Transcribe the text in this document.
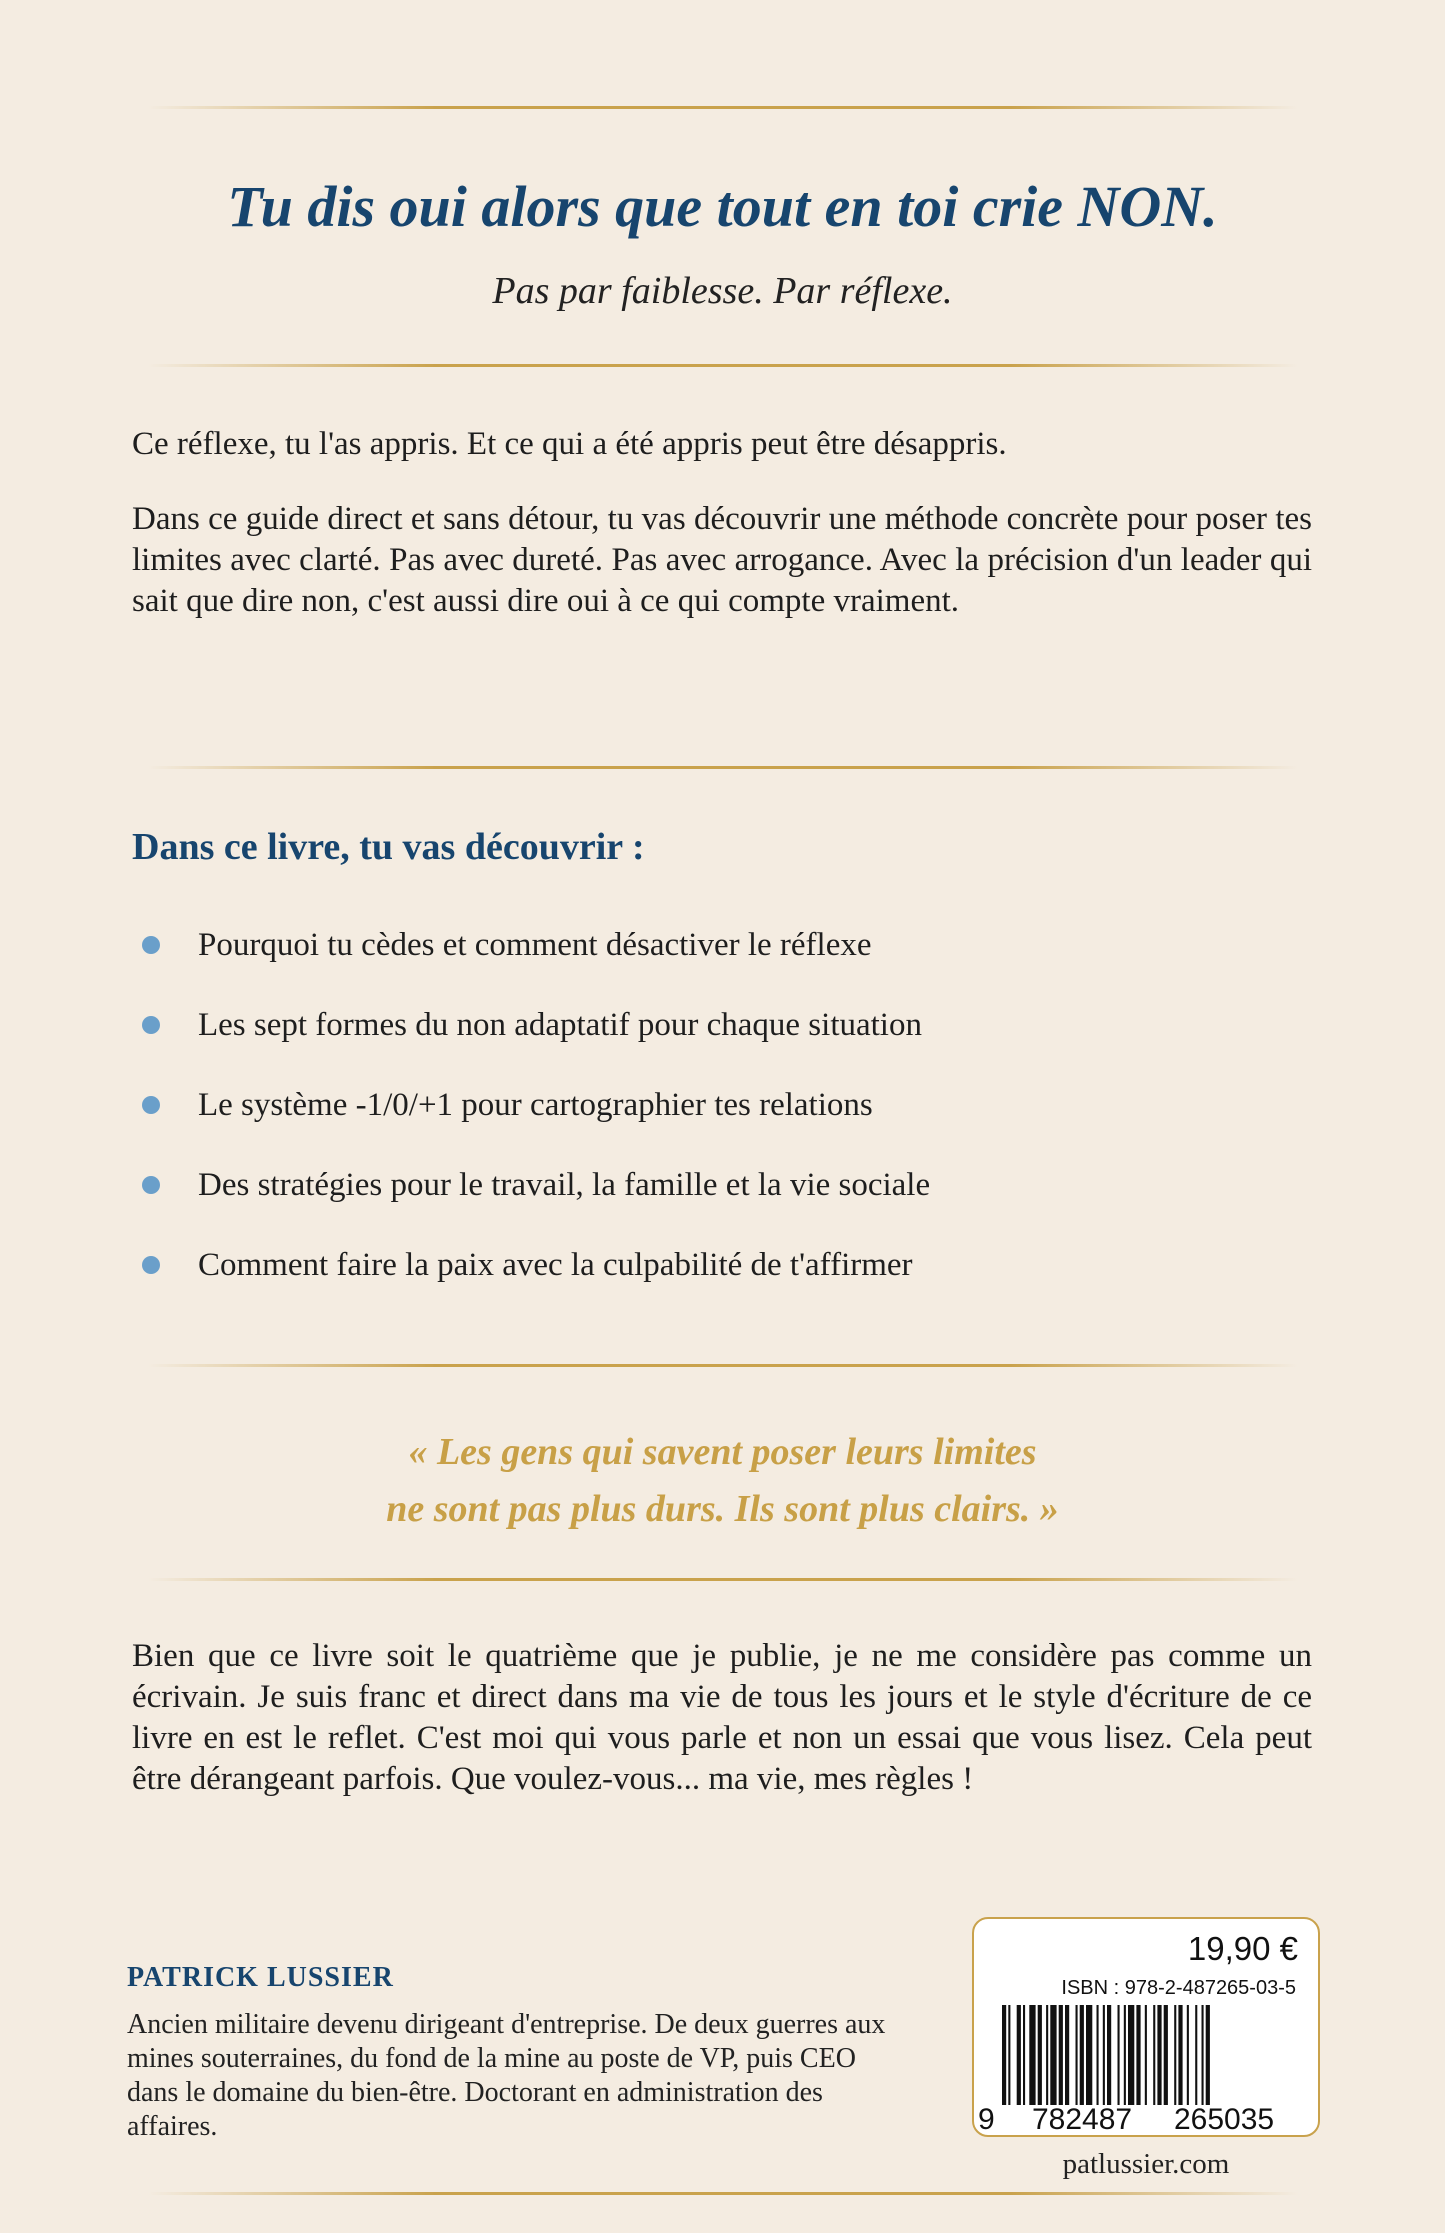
Tu dis oui alors que tout en toi crie NON.

Pas par faiblesse. Par réflexe.

Ce réflexe, tu l'as appris. Et ce qui a été appris peut être désappris.

Dans ce guide direct et sans détour, tu vas découvrir une méthode concrète pour poser tes limites avec clarté. Pas avec dureté. Pas avec arrogance. Avec la précision d'un leader qui sait que dire non, c'est aussi dire oui à ce qui compte vraiment.

Dans ce livre, tu vas découvrir :
Pourquoi tu cèdes et comment désactiver le réflexe
Les sept formes du non adaptatif pour chaque situation
Le système -1/0/+1 pour cartographier tes relations
Des stratégies pour le travail, la famille et la vie sociale
Comment faire la paix avec la culpabilité de t'affirmer
« Les gens qui savent poser leurs limites
ne sont pas plus durs. Ils sont plus clairs. »

Bien que ce livre soit le quatrième que je publie, je ne me considère pas comme un écrivain. Je suis franc et direct dans ma vie de tous les jours et le style d'écriture de ce livre en est le reflet. C'est moi qui vous parle et non un essai que vous lisez. Cela peut être dérangeant parfois. Que voulez-vous... ma vie, mes règles !

PATRICK LUSSIER

Ancien militaire devenu dirigeant d'entreprise. De deux guerres aux mines souterraines, du fond de la mine au poste de VP, puis CEO dans le domaine du bien-être. Doctorant en administration des affaires.

19,90 €
ISBN : 978-2-487265-03-5
9 782487 265035

patlussier.com
